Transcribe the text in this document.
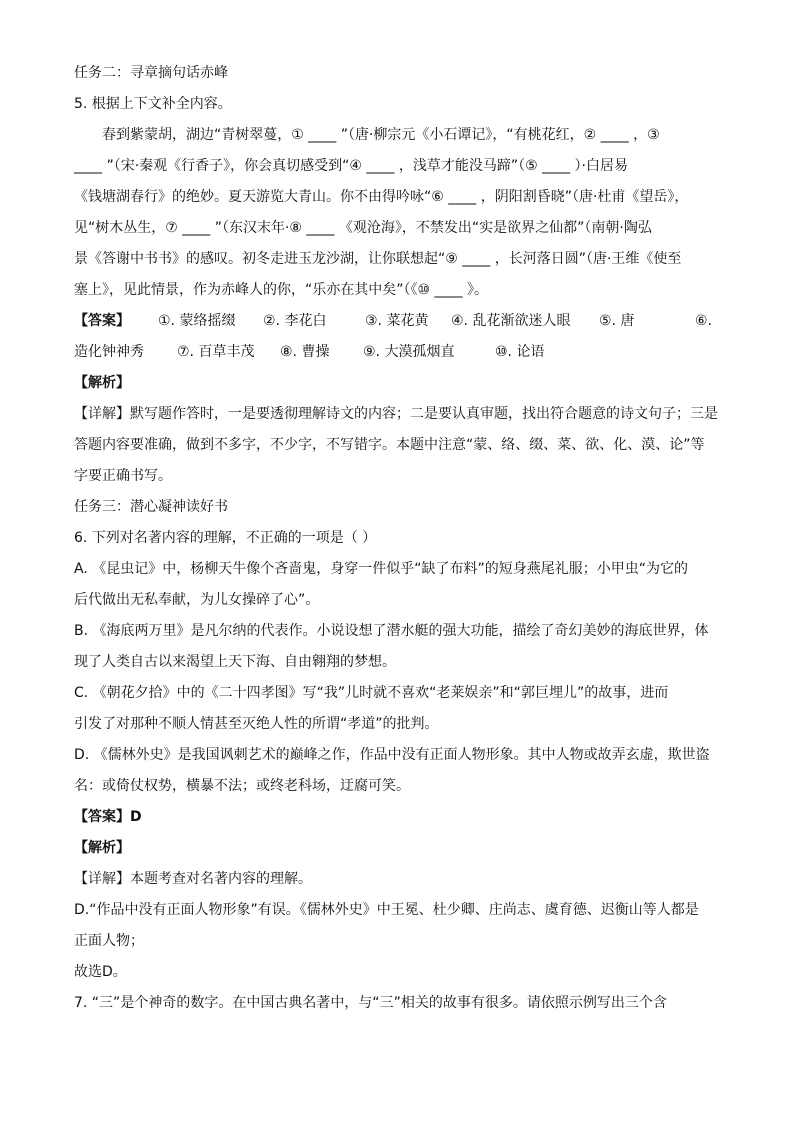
任务二：寻章摘句话赤峰
5. 根据上下文补全内容。
春到紫蒙胡，湖边“青树翠蔓，① ____ ”（唐·柳宗元《小石谭记》，“有桃花红，② ____ ，③
____ ”（宋·秦观《行香子》，你会真切感受到“④ ____ ，浅草才能没马蹄”（⑤ ____ ）·白居易
《钱塘湖春行》的绝妙。夏天游览大青山。你不由得吟咏“⑥ ____ ，阴阳割昏晓”（唐·杜甫《望岳》，
见“树木丛生，⑦ ____ ”（东汉末年·⑧ ____ 《观沧海》，不禁发出“实是欲界之仙都”（南朝·陶弘
景《答谢中书书》的感叹。初冬走进玉龙沙湖，让你联想起“⑨ ____ ，长河落日圆”（唐·王维《使至
塞上》，见此情景，作为赤峰人的你，“乐亦在其中矣”（《⑩ ____ 》。
【答案】 ①. 蒙络摇缀 ②. 李花白	③. 菜花黄 ④. 乱花渐欲迷人眼 ⑤. 唐	⑥.
造化钟神秀 ⑦. 百草丰茂 ⑧. 曹操 ⑨. 大漠孤烟直	⑩. 论语
【解析】
【详解】默写题作答时，一是要透彻理解诗文的内容；二是要认真审题，找出符合题意的诗文句子；三是
答题内容要准确，做到不多字，不少字，不写错字。本题中注意“蒙、络、缀、菜、欲、化、漠、论”等
字要正确书写。
任务三：潜心凝神读好书
6. 下列对名著内容的理解，不正确的一项是（ ）
A. 《昆虫记》中，杨柳天牛像个吝啬鬼，身穿一件似乎“缺了布料”的短身燕尾礼服；小甲虫“为它的
后代做出无私奉献，为儿女操碎了心”。
B. 《海底两万里》是凡尔纳的代表作。小说设想了潜水艇的强大功能，描绘了奇幻美妙的海底世界，体
现了人类自古以来渴望上天下海、自由翱翔的梦想。
C. 《朝花夕拾》中的《二十四孝图》写“我”儿时就不喜欢“老莱娱亲”和“郭巨埋儿”的故事，进而
引发了对那种不顺人情甚至灭绝人性的所谓“孝道”的批判。
D. 《儒林外史》是我国讽刺艺术的巅峰之作，作品中没有正面人物形象。其中人物或故弄玄虚，欺世盗
名：或倚仗权势，横暴不法；或终老科场，迂腐可笑。
【答案】D
【解析】
【详解】本题考查对名著内容的理解。
D.“作品中没有正面人物形象”有误。《儒林外史》中王冕、杜少卿、庄尚志、虞育德、迟衡山等人都是
正面人物；
故选D。
7. “三”是个神奇的数字。在中国古典名著中，与“三”相关的故事有很多。请依照示例写出三个含
